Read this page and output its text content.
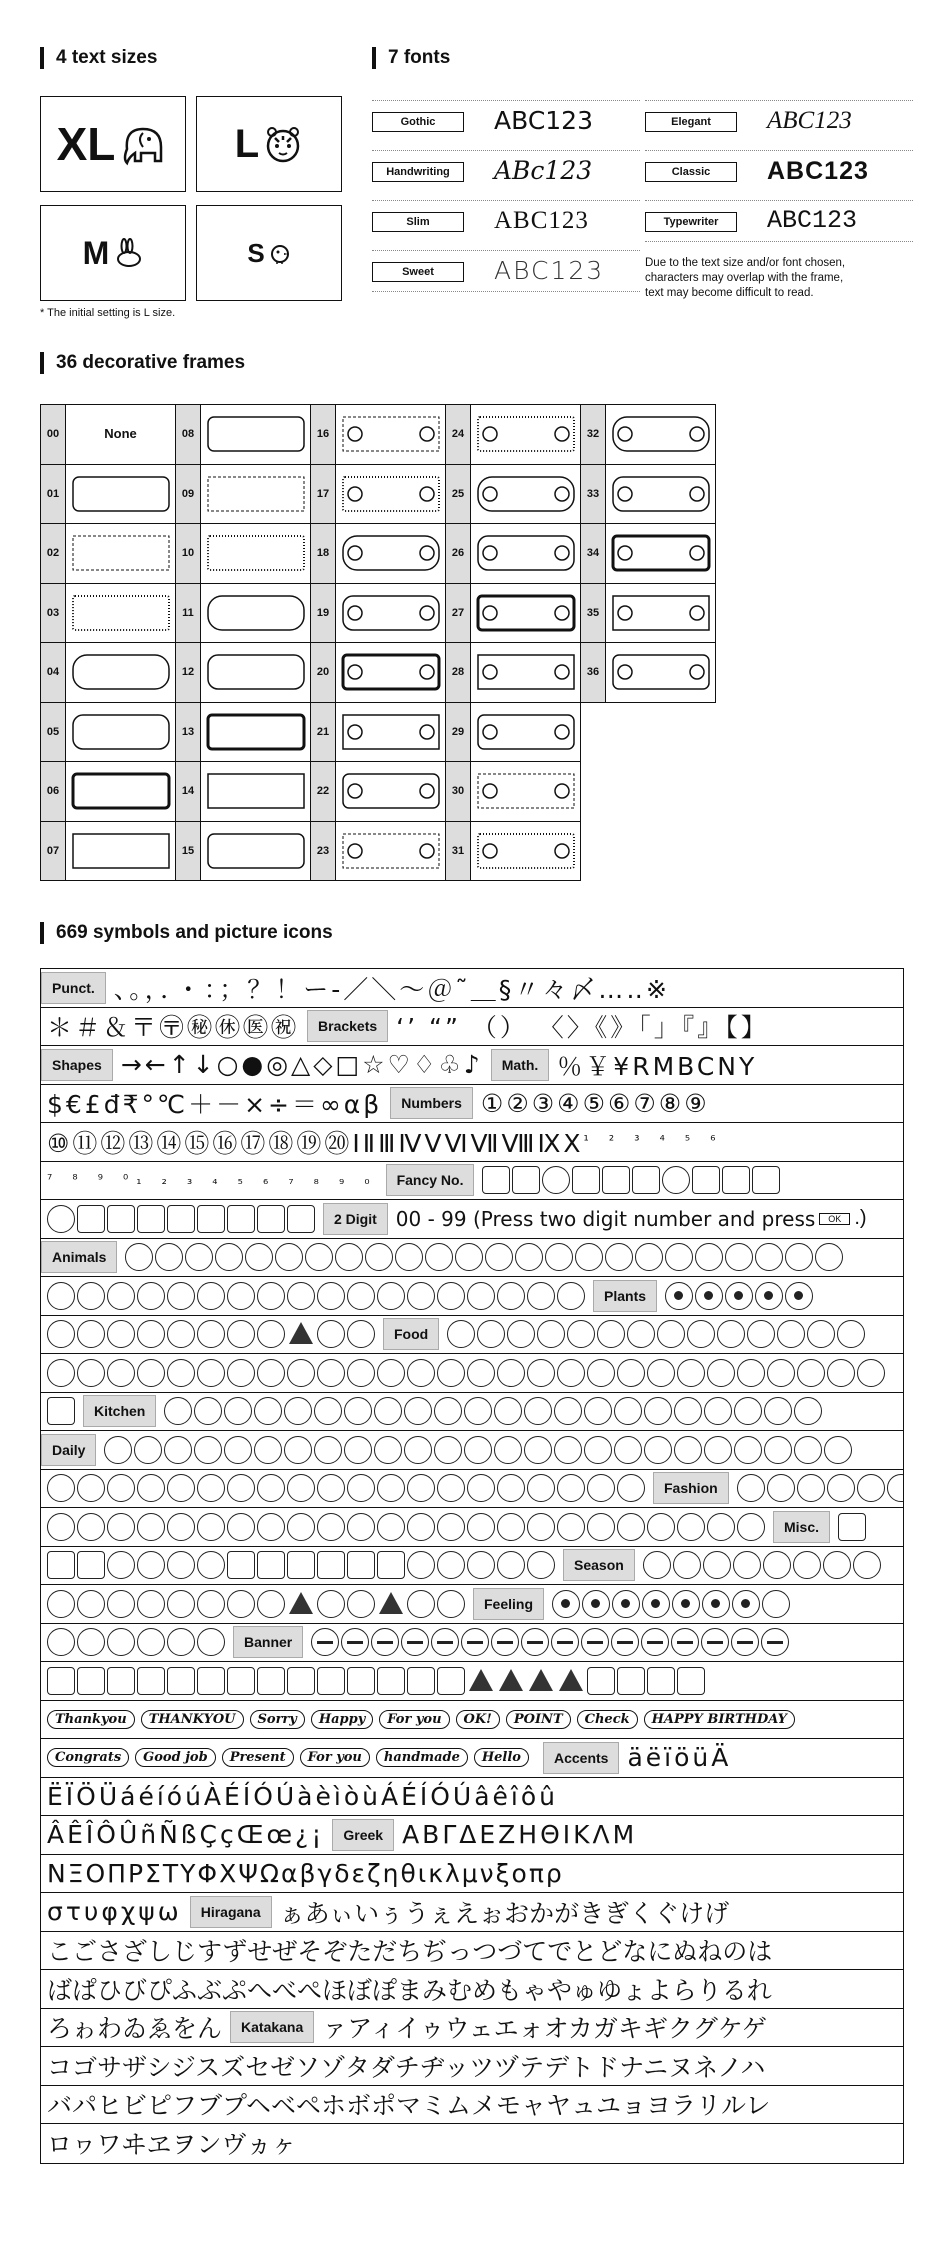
4 text sizes
XL	L
M	S
* The initial setting is L size.
7 fonts
Gothic	ABC123
Handwriting	ABc123
Slim	ABC123
Sweet	ABC123
Elegant	ABC123
Classic	ABC123
Typewriter	ABC123
Due to the text size and/or font chosen,
characters may overlap with the frame,
text may become difficult to read.
36 decorative frames
00	None	08		16		24		32	

01		09		17		25		33	

02		10		18		26		34	

03		11		19		27		35	

04		12		20		28		36	

05		13		21		29	

06		14		22		30	

07		15		23		31	

669 symbols and picture icons
Punct. 、。，．・：；？！ー-／＼～＠˜＿§〃々〆…‥※
＊＃＆〒〶㊙㊡㊩㊗	Brackets ‘’ “” （） 〈〉《》「」『』【】
Shapes →←↑↓○●◎△◇□☆♡♢♧♪	Math. ％￥¥RMBCNY
$€£đ₹°℃＋－×÷＝∞αβ	Numbers ①②③④⑤⑥⑦⑧⑨
⑩⑪⑫⑬⑭⑮⑯⑰⑱⑲⑳ⅠⅡⅢⅣⅤⅥⅦⅧⅨⅩ ¹ ² ³ ⁴ ⁵ ⁶
⁷ ⁸ ⁹ ⁰ ₁ ₂ ₃ ₄ ₅ ₆ ₇ ₈ ₉ ₀	Fancy No.
2 Digit 00 - 99 (Press two digit number and press	OK .)
Animals
Plants
Food
Kitchen
Daily
Fashion
Misc.
Season
Feeling
Banner
Thankyou	THANKYOU	Sorry	Happy	For you	OK!	POINT	Check	HAPPY BIRTHDAY
Congrats	Good job	Present	For you	handmade	Hello	Accents äëïöüÄ
ËÏÖÜáéíóúÀÉÍÓÚàèìòùÁÉÍÓÚâêîôû
ÂÊÎÔÛñÑßÇçŒœ¿¡	Greek ΑΒΓΔΕΖΗΘΙΚΛΜ
ΝΞΟΠΡΣΤΥΦΧΨΩαβγδεζηθικλμνξοπρ
στυφχψω	Hiragana ぁあぃいぅうぇえぉおかがきぎくぐけげ
こごさざしじすずせぜそぞただちぢっつづてでとどなにぬねのは
ばぱひびぴふぶぷへべぺほぼぽまみむめもゃやゅゆょよらりるれ
ろゎわゐゑをん	Katakana ァアィイゥウェエォオカガキギクグケゲ
コゴサザシジスズセゼソゾタダチヂッツヅテデトドナニヌネノハ
バパヒビピフブプヘベペホボポマミムメモャヤュユョヨラリルレ
ロヮワヰヱヲンヴヵヶ
